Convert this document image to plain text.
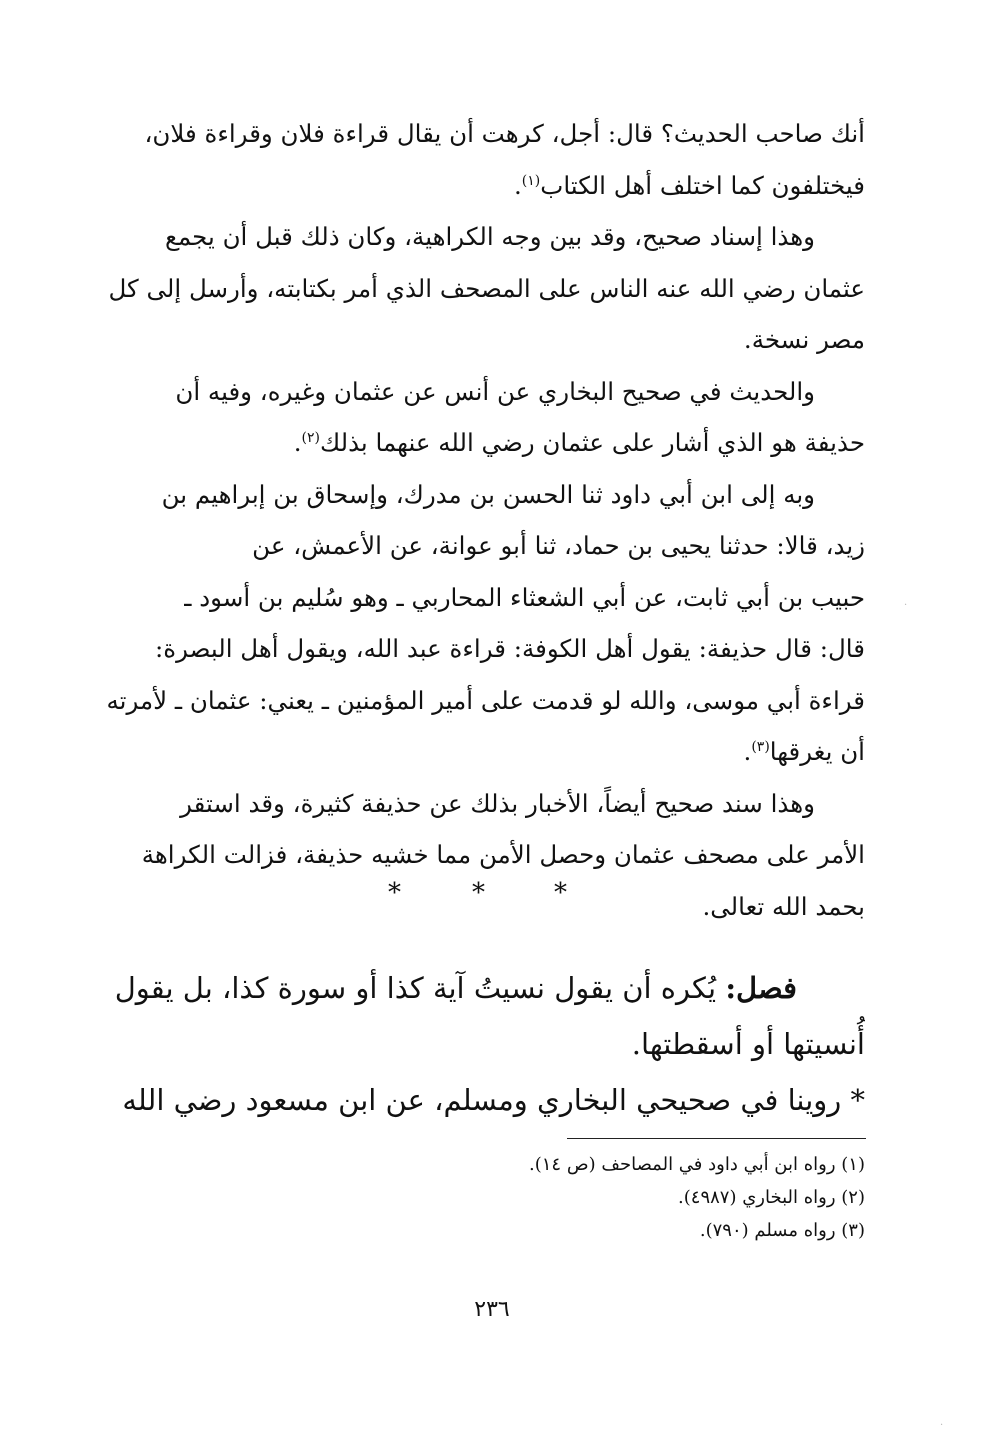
أنك صاحب الحديث؟ قال: أجل، كرهت أن يقال قراءة فلان وقراءة فلان،
فيختلفون كما اختلف أهل الكتاب$^{(١)}$.

وهذا إسناد صحيح، وقد بين وجه الكراهية، وكان ذلك قبل أن يجمع
عثمان رضي الله عنه الناس على المصحف الذي أمر بكتابته، وأرسل إلى كل
مصر نسخة.

والحديث في صحيح البخاري عن أنس عن عثمان وغيره، وفيه أن
حذيفة هو الذي أشار على عثمان رضي الله عنهما بذلك$^{(٢)}$.

وبه إلى ابن أبي داود ثنا الحسن بن مدرك، وإسحاق بن إبراهيم بن
زيد، قالا: حدثنا يحيى بن حماد، ثنا أبو عوانة، عن الأعمش، عن
حبيب بن أبي ثابت، عن أبي الشعثاء المحاربي ـ وهو سُليم بن أسود ـ
قال: قال حذيفة: يقول أهل الكوفة: قراءة عبد الله، ويقول أهل البصرة:
قراءة أبي موسى، والله لو قدمت على أمير المؤمنين ـ يعني: عثمان ـ لأمرته
أن يغرقها$^{(٣)}$.

وهذا سند صحيح أيضاً، الأخبار بذلك عن حذيفة كثيرة، وقد استقر
الأمر على مصحف عثمان وحصل الأمن مما خشيه حذيفة، فزالت الكراهة
بحمد الله تعالى.

*	*	*

فصل: يُكره أن يقول نسيتُ آية كذا أو سورة كذا، بل يقول
أُنسيتها أو أسقطتها.
* روينا في صحيحي البخاري ومسلم، عن ابن مسعود رضي الله

(١) رواه ابن أبي داود في المصاحف (ص ١٤).
(٢) رواه البخاري (٤٩٨٧).
(٣) رواه مسلم (٧٩٠).
٢٣٦
·
·
